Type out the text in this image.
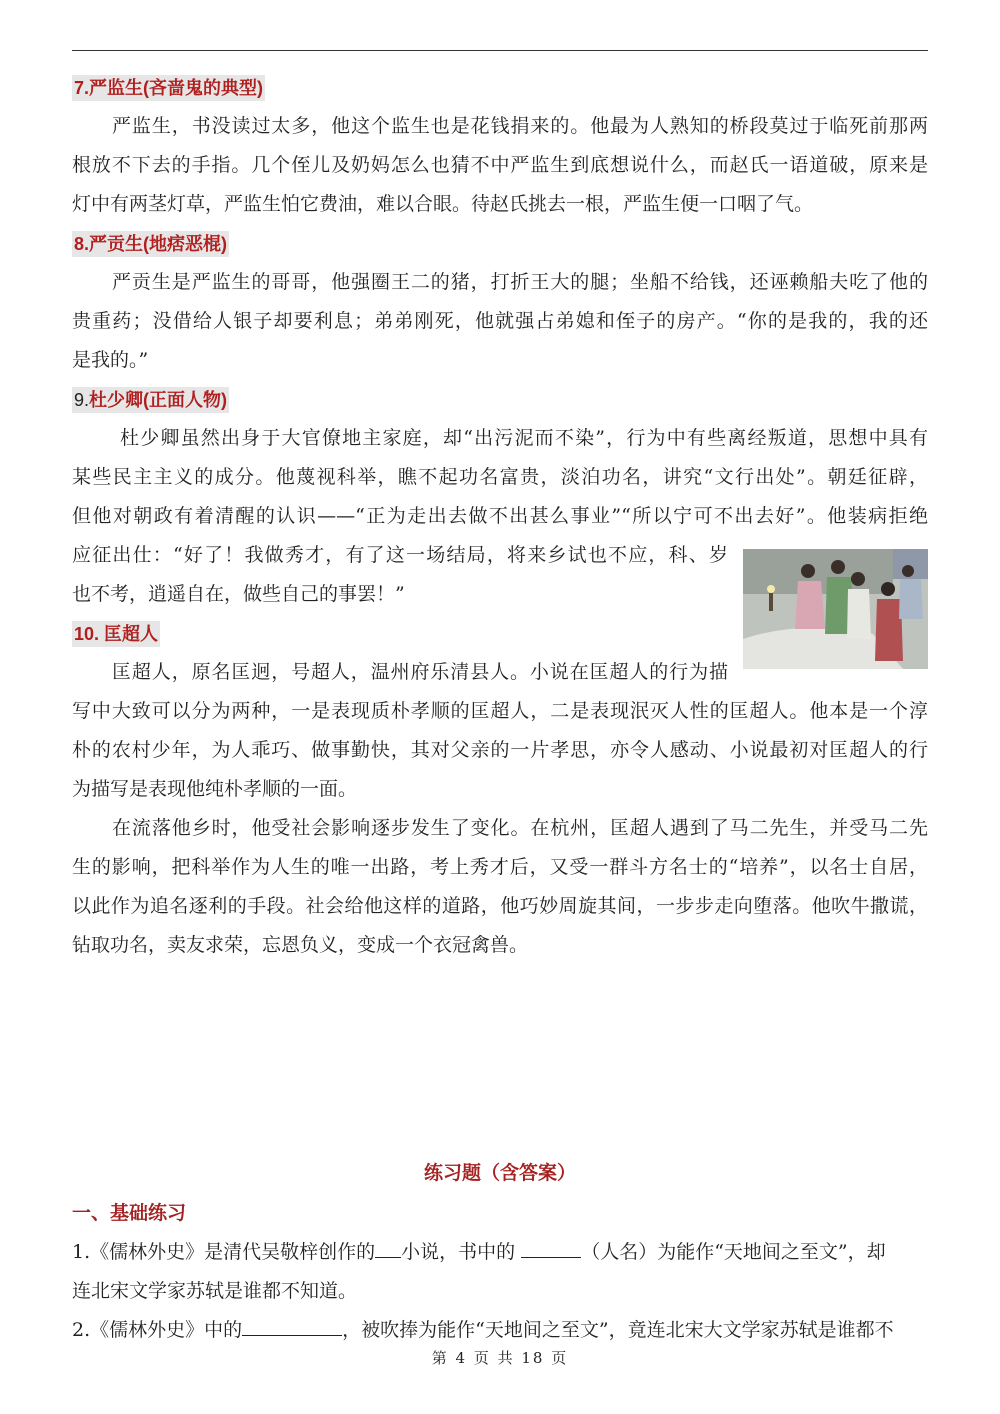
7.严监生(吝啬鬼的典型)
严监生，书没读过太多，他这个监生也是花钱捐来的。他最为人熟知的桥段莫过于临死前那两
根放不下去的手指。几个侄儿及奶妈怎么也猜不中严监生到底想说什么，而赵氏一语道破，原来是
灯中有两茎灯草，严监生怕它费油，难以合眼。待赵氏挑去一根，严监生便一口咽了气。
8.严贡生(地痞恶棍)
严贡生是严监生的哥哥，他强圈王二的猪，打折王大的腿；坐船不给钱，还诬赖船夫吃了他的
贵重药；没借给人银子却要利息；弟弟刚死，他就强占弟媳和侄子的房产。“你的是我的，我的还
是我的。”
9.杜少卿(正面人物)
杜少卿虽然出身于大官僚地主家庭，却“出污泥而不染”，行为中有些离经叛道，思想中具有
某些民主主义的成分。他蔑视科举，瞧不起功名富贵，淡泊功名，讲究“文行出处”。朝廷征辟，
但他对朝政有着清醒的认识——“正为走出去做不出甚么事业”“所以宁可不出去好”。他装病拒绝
应征出仕：“好了！我做秀才，有了这一场结局，将来乡试也不应，科、岁
也不考，逍遥自在，做些自己的事罢！”
10. 匡超人
匡超人，原名匡迥，号超人，温州府乐清县人。小说在匡超人的行为描
写中大致可以分为两种，一是表现质朴孝顺的匡超人，二是表现泯灭人性的匡超人。他本是一个淳
朴的农村少年，为人乖巧、做事勤快，其对父亲的一片孝思，亦令人感动、小说最初对匡超人的行
为描写是表现他纯朴孝顺的一面。
在流落他乡时，他受社会影响逐步发生了变化。在杭州，匡超人遇到了马二先生，并受马二先
生的影响，把科举作为人生的唯一出路，考上秀才后，又受一群斗方名士的“培养”，以名士自居，
以此作为追名逐利的手段。社会给他这样的道路，他巧妙周旋其间，一步步走向堕落。他吹牛撒谎，
钻取功名，卖友求荣，忘恩负义，变成一个衣冠禽兽。
练习题（含答案）
一、基础练习
1.《儒林外史》是清代吴敬梓创作的 小说，书中的	（人名）为能作“天地间之至文”，却
连北宋文学家苏轼是谁都不知道。
2.《儒林外史》中的	，被吹捧为能作“天地间之至文”，竟连北宋大文学家苏轼是谁都不
第 4 页 共 18 页
